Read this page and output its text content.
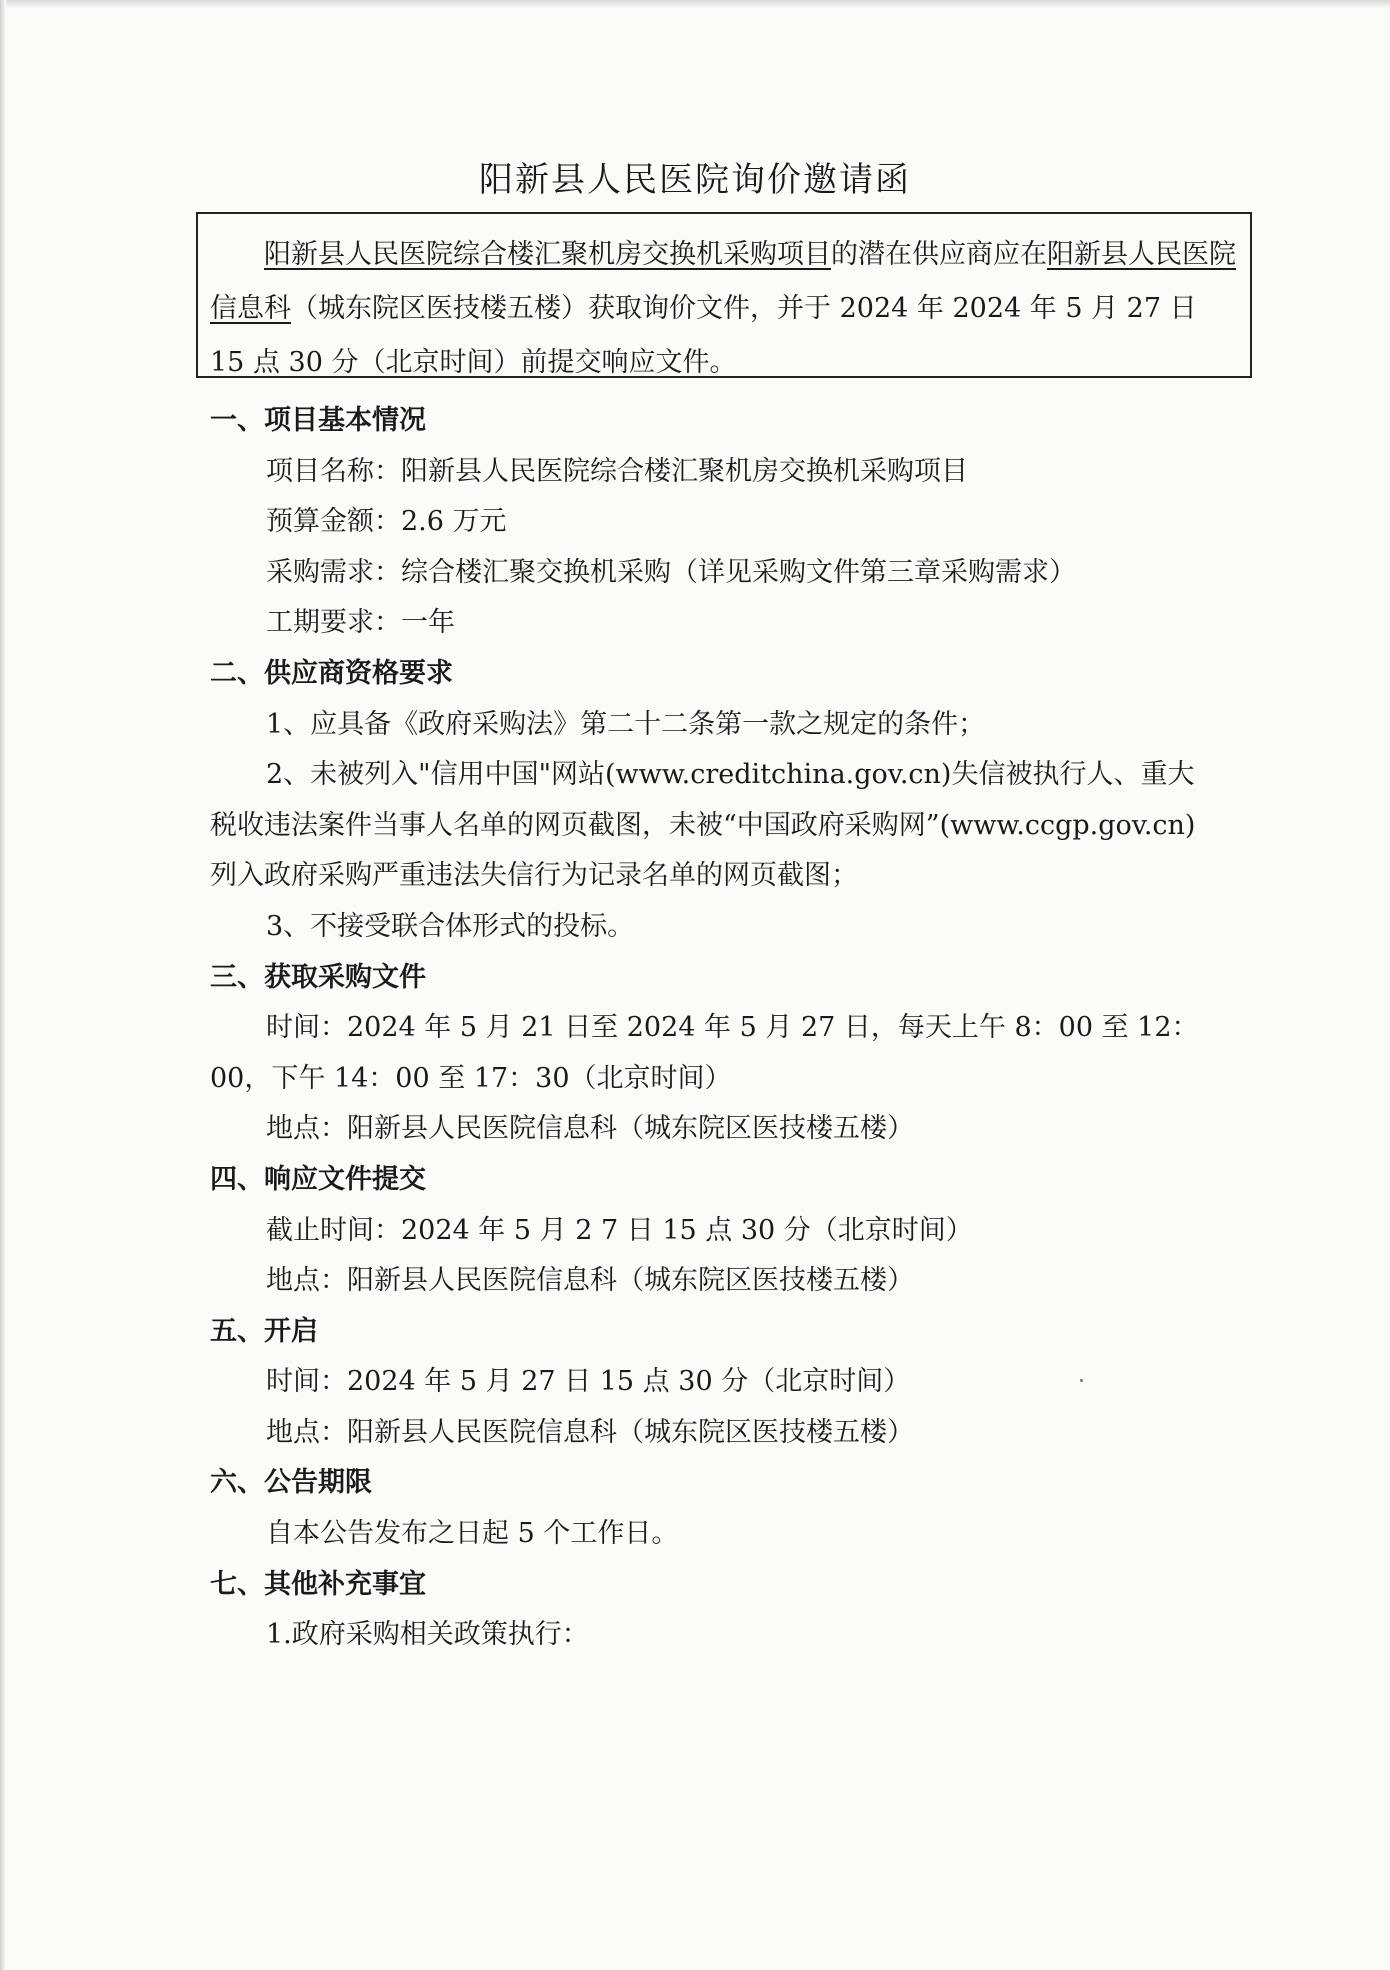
阳新县人民医院询价邀请函
阳新县人民医院综合楼汇聚机房交换机采购项目的潜在供应商应在阳新县人民医院信息科（城东院区医技楼五楼）获取询价文件，并于 2024 年 2024 年 5 月 27 日 15 点 30 分（北京时间）前提交响应文件。

一、项目基本情况

项目名称：阳新县人民医院综合楼汇聚机房交换机采购项目

预算金额：2.6 万元

采购需求：综合楼汇聚交换机采购（详见采购文件第三章采购需求）

工期要求：一年

二、供应商资格要求

1、应具备《政府采购法》第二十二条第一款之规定的条件；

2、未被列入"信用中国"网站(www.creditchina.gov.cn)失信被执行人、重大税收违法案件当事人名单的网页截图，未被“中国政府采购网”(www.ccgp.gov.cn)列入政府采购严重违法失信行为记录名单的网页截图；

3、不接受联合体形式的投标。

三、获取采购文件

时间：2024 年 5 月 21 日至 2024 年 5 月 27 日，每天上午 8：00 至 12：00，下午 14：00 至 17：30（北京时间）

地点：阳新县人民医院信息科（城东院区医技楼五楼）

四、响应文件提交

截止时间：2024 年 5 月 2 7 日 15 点 30 分（北京时间）

地点：阳新县人民医院信息科（城东院区医技楼五楼）

五、开启

时间：2024 年 5 月 27 日 15 点 30 分（北京时间）

地点：阳新县人民医院信息科（城东院区医技楼五楼）

六、公告期限

自本公告发布之日起 5 个工作日。

七、其他补充事宜

1.政府采购相关政策执行：
